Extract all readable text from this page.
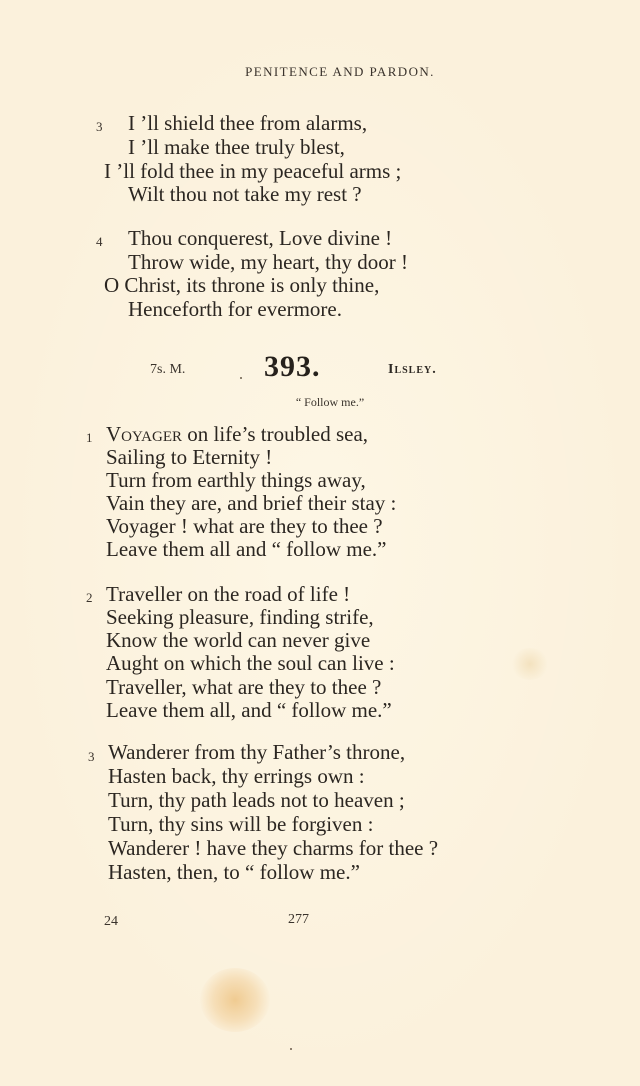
PENITENCE AND PARDON.
3 I ’ll shield thee from alarms,
I ’ll make thee truly blest,
I ’ll fold thee in my peaceful arms ;
Wilt thou not take my rest ?
4 Thou conquerest, Love divine !
Throw wide, my heart, thy door !
O Christ, its throne is only thine,
Henceforth for evermore.
7s. M.	393.	Ilsley.
“ Follow me.”
1 Voyager on life’s troubled sea,
Sailing to Eternity !
Turn from earthly things away,
Vain they are, and brief their stay :
Voyager ! what are they to thee ?
Leave them all and “ follow me.”
2 Traveller on the road of life !
Seeking pleasure, finding strife,
Know the world can never give
Aught on which the soul can live :
Traveller, what are they to thee ?
Leave them all, and “ follow me.”
3 Wanderer from thy Father’s throne,
Hasten back, thy errings own :
Turn, thy path leads not to heaven ;
Turn, thy sins will be forgiven :
Wanderer ! have they charms for thee ?
Hasten, then, to “ follow me.”
24	277
